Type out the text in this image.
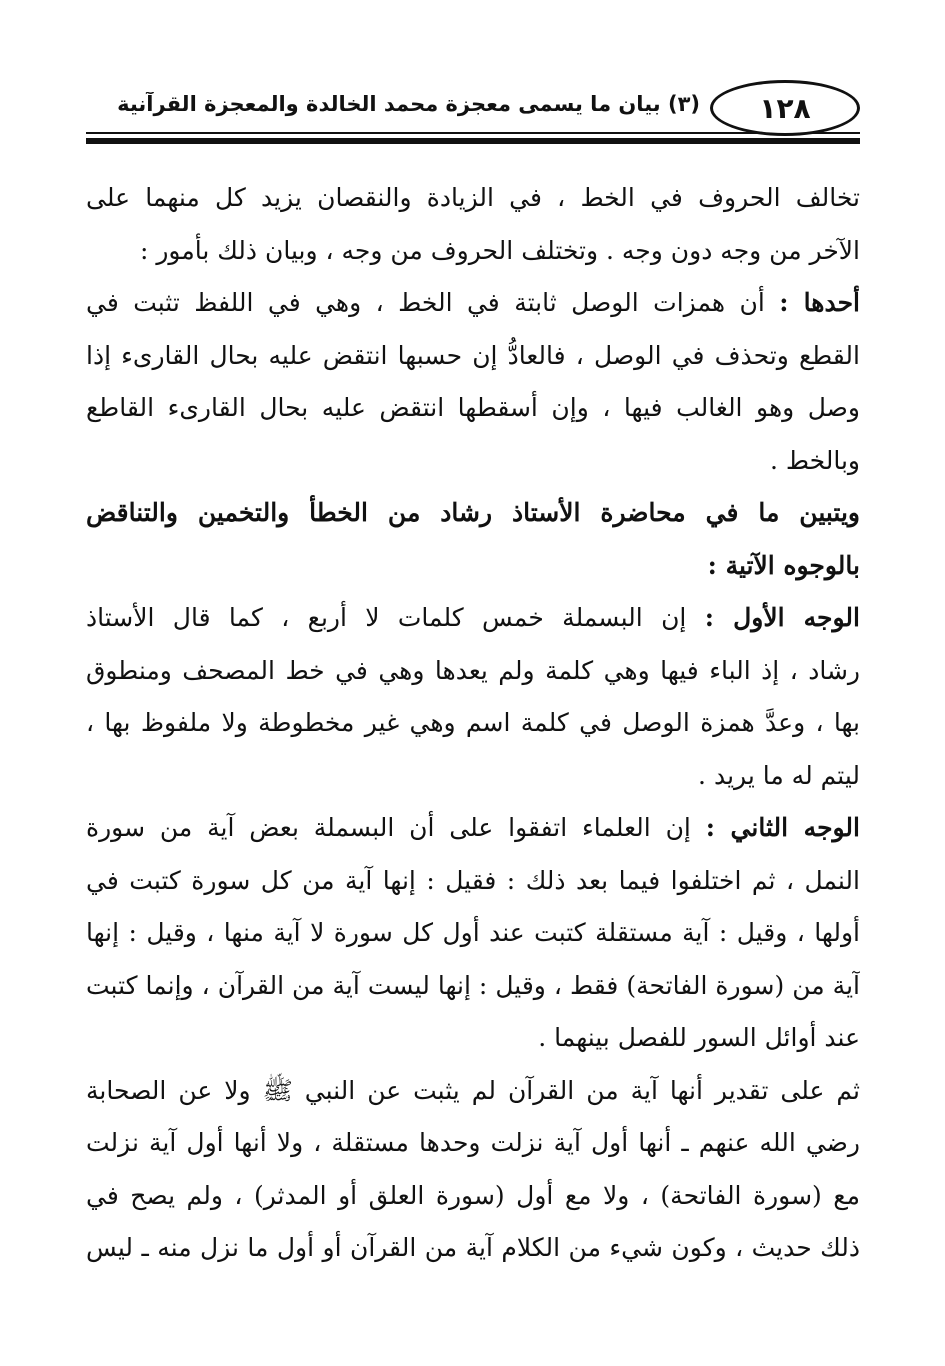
١٢٨
(٣) بيان ما يسمى معجزة محمد الخالدة والمعجزة القرآنية
تخالف الحروف في الخط ، في الزيادة والنقصان يزيد كل منهما على
الآخر من وجه دون وجه . وتختلف الحروف من وجه ، وبيان ذلك بأمور :
أحدها : أن همزات الوصل ثابتة في الخط ، وهي في اللفظ تثبت في
القطع وتحذف في الوصل ، فالعادُّ إن حسبها انتقض عليه بحال القارىء إذا
وصل وهو الغالب فيها ، وإن أسقطها انتقض عليه بحال القارىء القاطع
وبالخط .
ويتبين ما في محاضرة الأستاذ رشاد من الخطأ والتخمين والتناقض
بالوجوه الآتية :
الوجه الأول : إن البسملة خمس كلمات لا أربع ، كما قال الأستاذ
رشاد ، إذ الباء فيها وهي كلمة ولم يعدها وهي في خط المصحف ومنطوق
بها ، وعدَّ همزة الوصل في كلمة اسم وهي غير مخطوطة ولا ملفوظ بها ،
ليتم له ما يريد .
الوجه الثاني : إن العلماء اتفقوا على أن البسملة بعض آية من سورة
النمل ، ثم اختلفوا فيما بعد ذلك : فقيل : إنها آية من كل سورة كتبت في
أولها ، وقيل : آية مستقلة كتبت عند أول كل سورة لا آية منها ، وقيل : إنها
آية من (سورة الفاتحة) فقط ، وقيل : إنها ليست آية من القرآن ، وإنما كتبت
عند أوائل السور للفصل بينهما .
ثم على تقدير أنها آية من القرآن لم يثبت عن النبي ﷺ ولا عن الصحابة
رضي الله عنهم ـ أنها أول آية نزلت وحدها مستقلة ، ولا أنها أول آية نزلت
مع (سورة الفاتحة) ، ولا مع أول (سورة العلق أو المدثر) ، ولم يصح في
ذلك حديث ، وكون شيء من الكلام آية من القرآن أو أول ما نزل منه ـ ليس
